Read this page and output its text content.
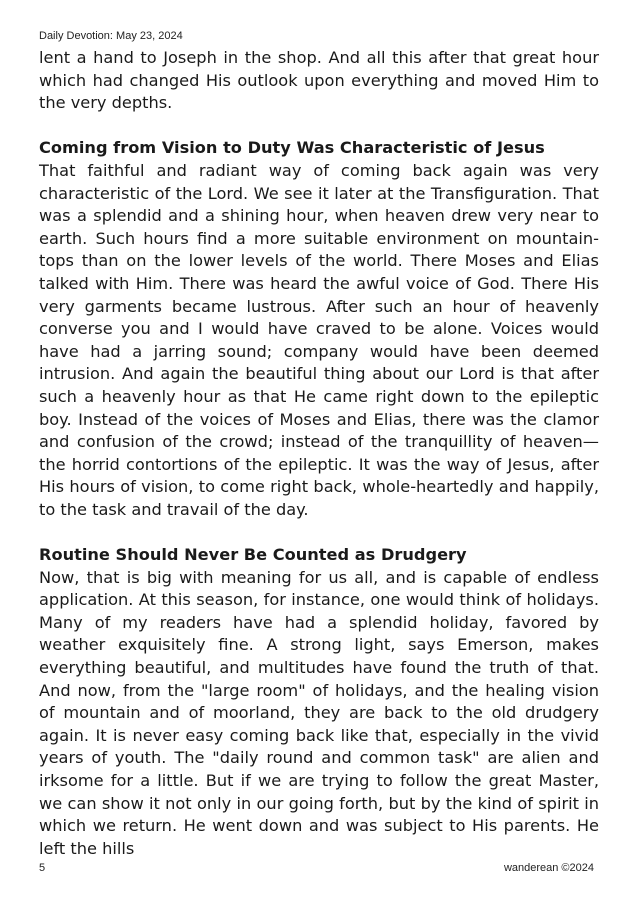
Daily Devotion: May 23, 2024

lent a hand to Joseph in the shop. And all this after that great hour which had changed His outlook upon everything and moved Him to the very depths.

Coming from Vision to Duty Was Characteristic of Jesus

That faithful and radiant way of coming back again was very characteristic of the Lord. We see it later at the Transfiguration. That was a splendid and a shining hour, when heaven drew very near to earth. Such hours find a more suitable environment on mountain-tops than on the lower levels of the world. There Moses and Elias talked with Him. There was heard the awful voice of God. There His very garments became lustrous. After such an hour of heavenly converse you and I would have craved to be alone. Voices would have had a jarring sound; company would have been deemed intrusion. And again the beautiful thing about our Lord is that after such a heavenly hour as that He came right down to the epileptic boy. Instead of the voices of Moses and Elias, there was the clamor and confusion of the crowd; instead of the tranquillity of heaven—the horrid contortions of the epileptic. It was the way of Jesus, after His hours of vision, to come right back, whole-heartedly and happily, to the task and travail of the day.

Routine Should Never Be Counted as Drudgery

Now, that is big with meaning for us all, and is capable of endless application. At this season, for instance, one would think of holidays. Many of my readers have had a splendid holiday, favored by weather exquisitely fine. A strong light, says Emerson, makes everything beautiful, and multitudes have found the truth of that. And now, from the "large room" of holidays, and the healing vision of mountain and of moorland, they are back to the old drudgery again. It is never easy coming back like that, especially in the vivid years of youth. The "daily round and common task" are alien and irksome for a little. But if we are trying to follow the great Master, we can show it not only in our going forth, but by the kind of spirit in which we return. He went down and was subject to His parents. He left the hills

5	wanderean ©2024
